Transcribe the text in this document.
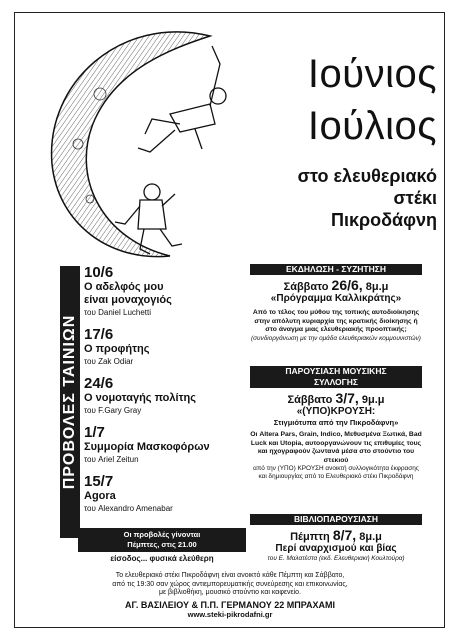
Ιούνιος
Ιούλιος
στο ελευθεριακό
στέκι
Πικροδάφνη
ΠΡΟΒΟΛΕΣ ΤΑΙΝΙΩΝ
10/6
Ο αδελφός μου
είναι μοναχογιός
του Daniel Luchetti
17/6
Ο προφήτης
του Zak Odiar
24/6
Ο νομοταγής πολίτης
του F.Gary Gray
1/7
Συμμορία Μασκοφόρων
του Ariel Zeitun
15/7
Agora
του Alexandro Amenabar
Οι προβολές γίνονται
Πέμπτες, στις 21.00
είσοδος... φυσικά ελεύθερη
ΕΚΔΗΛΩΣΗ - ΣΥΖΗΤΗΣΗ
Σάββατο 26/6, 8μ.μ
«Πρόγραμμα Καλλικράτης»
Από το τέλος του μύθου της τοπικής αυτοδιοίκησης στην απόλυτη κυριαρχία της κρατικής διοίκησης ή στο άναγμα μιας ελευθεριακής προοπτικής;
(συνδιοργάνωση με την ομάδα ελευθεριακών κομμουνιστών)
ΠΑΡΟΥΣΙΑΣΗ ΜΟΥΣΙΚΗΣ
ΣΥΛΛΟΓΗΣ
Σάββατο 3/7, 9μ.μ
«(ΥΠΟ)ΚΡΟΥΣΗ:
Στιγμιότυπα από την Πικροδάφνη»
Οι Altera Pars, Grain, Indico, Μεθυσμένα Ξωτικά, Bad Luck και Utopia, αυτοοργανώνουν τις επιθυμίες τους και ηχογραφούν ζωντανά μέσα στο στούντιο του στεκιού
από την (ΥΠΟ) ΚΡΟΥΣΗ ανοικτή συλλογικότητα έκφρασης και δημιουργίας από το Ελευθεριακό στέκι Πικροδάφνη
ΒΙΒΛΙΟΠΑΡΟΥΣΙΑΣΗ
Πέμπτη 8/7, 8μ.μ
Περί αναρχισμού και βίας
του Ε. Μαλατέστα (εκδ. Ελευθεριακή Κουλτούρα)
Το ελευθεριακό στέκι Πικροδάφνη είναι ανοικτό κάθε Πέμπτη και Σάββατο,
από τις 19:30 σαν χώρος αντιεμπορευματικής συνεύρεσης και επικοινωνίας,
με βιβλιοθήκη, μουσικό στούντιο και καφενείο.
ΑΓ. ΒΑΣΙΛΕΙΟΥ & Π.Π. ΓΕΡΜΑΝΟΥ 22 ΜΠΡΑΧΑΜΙ
www.steki-pikrodafni.gr
